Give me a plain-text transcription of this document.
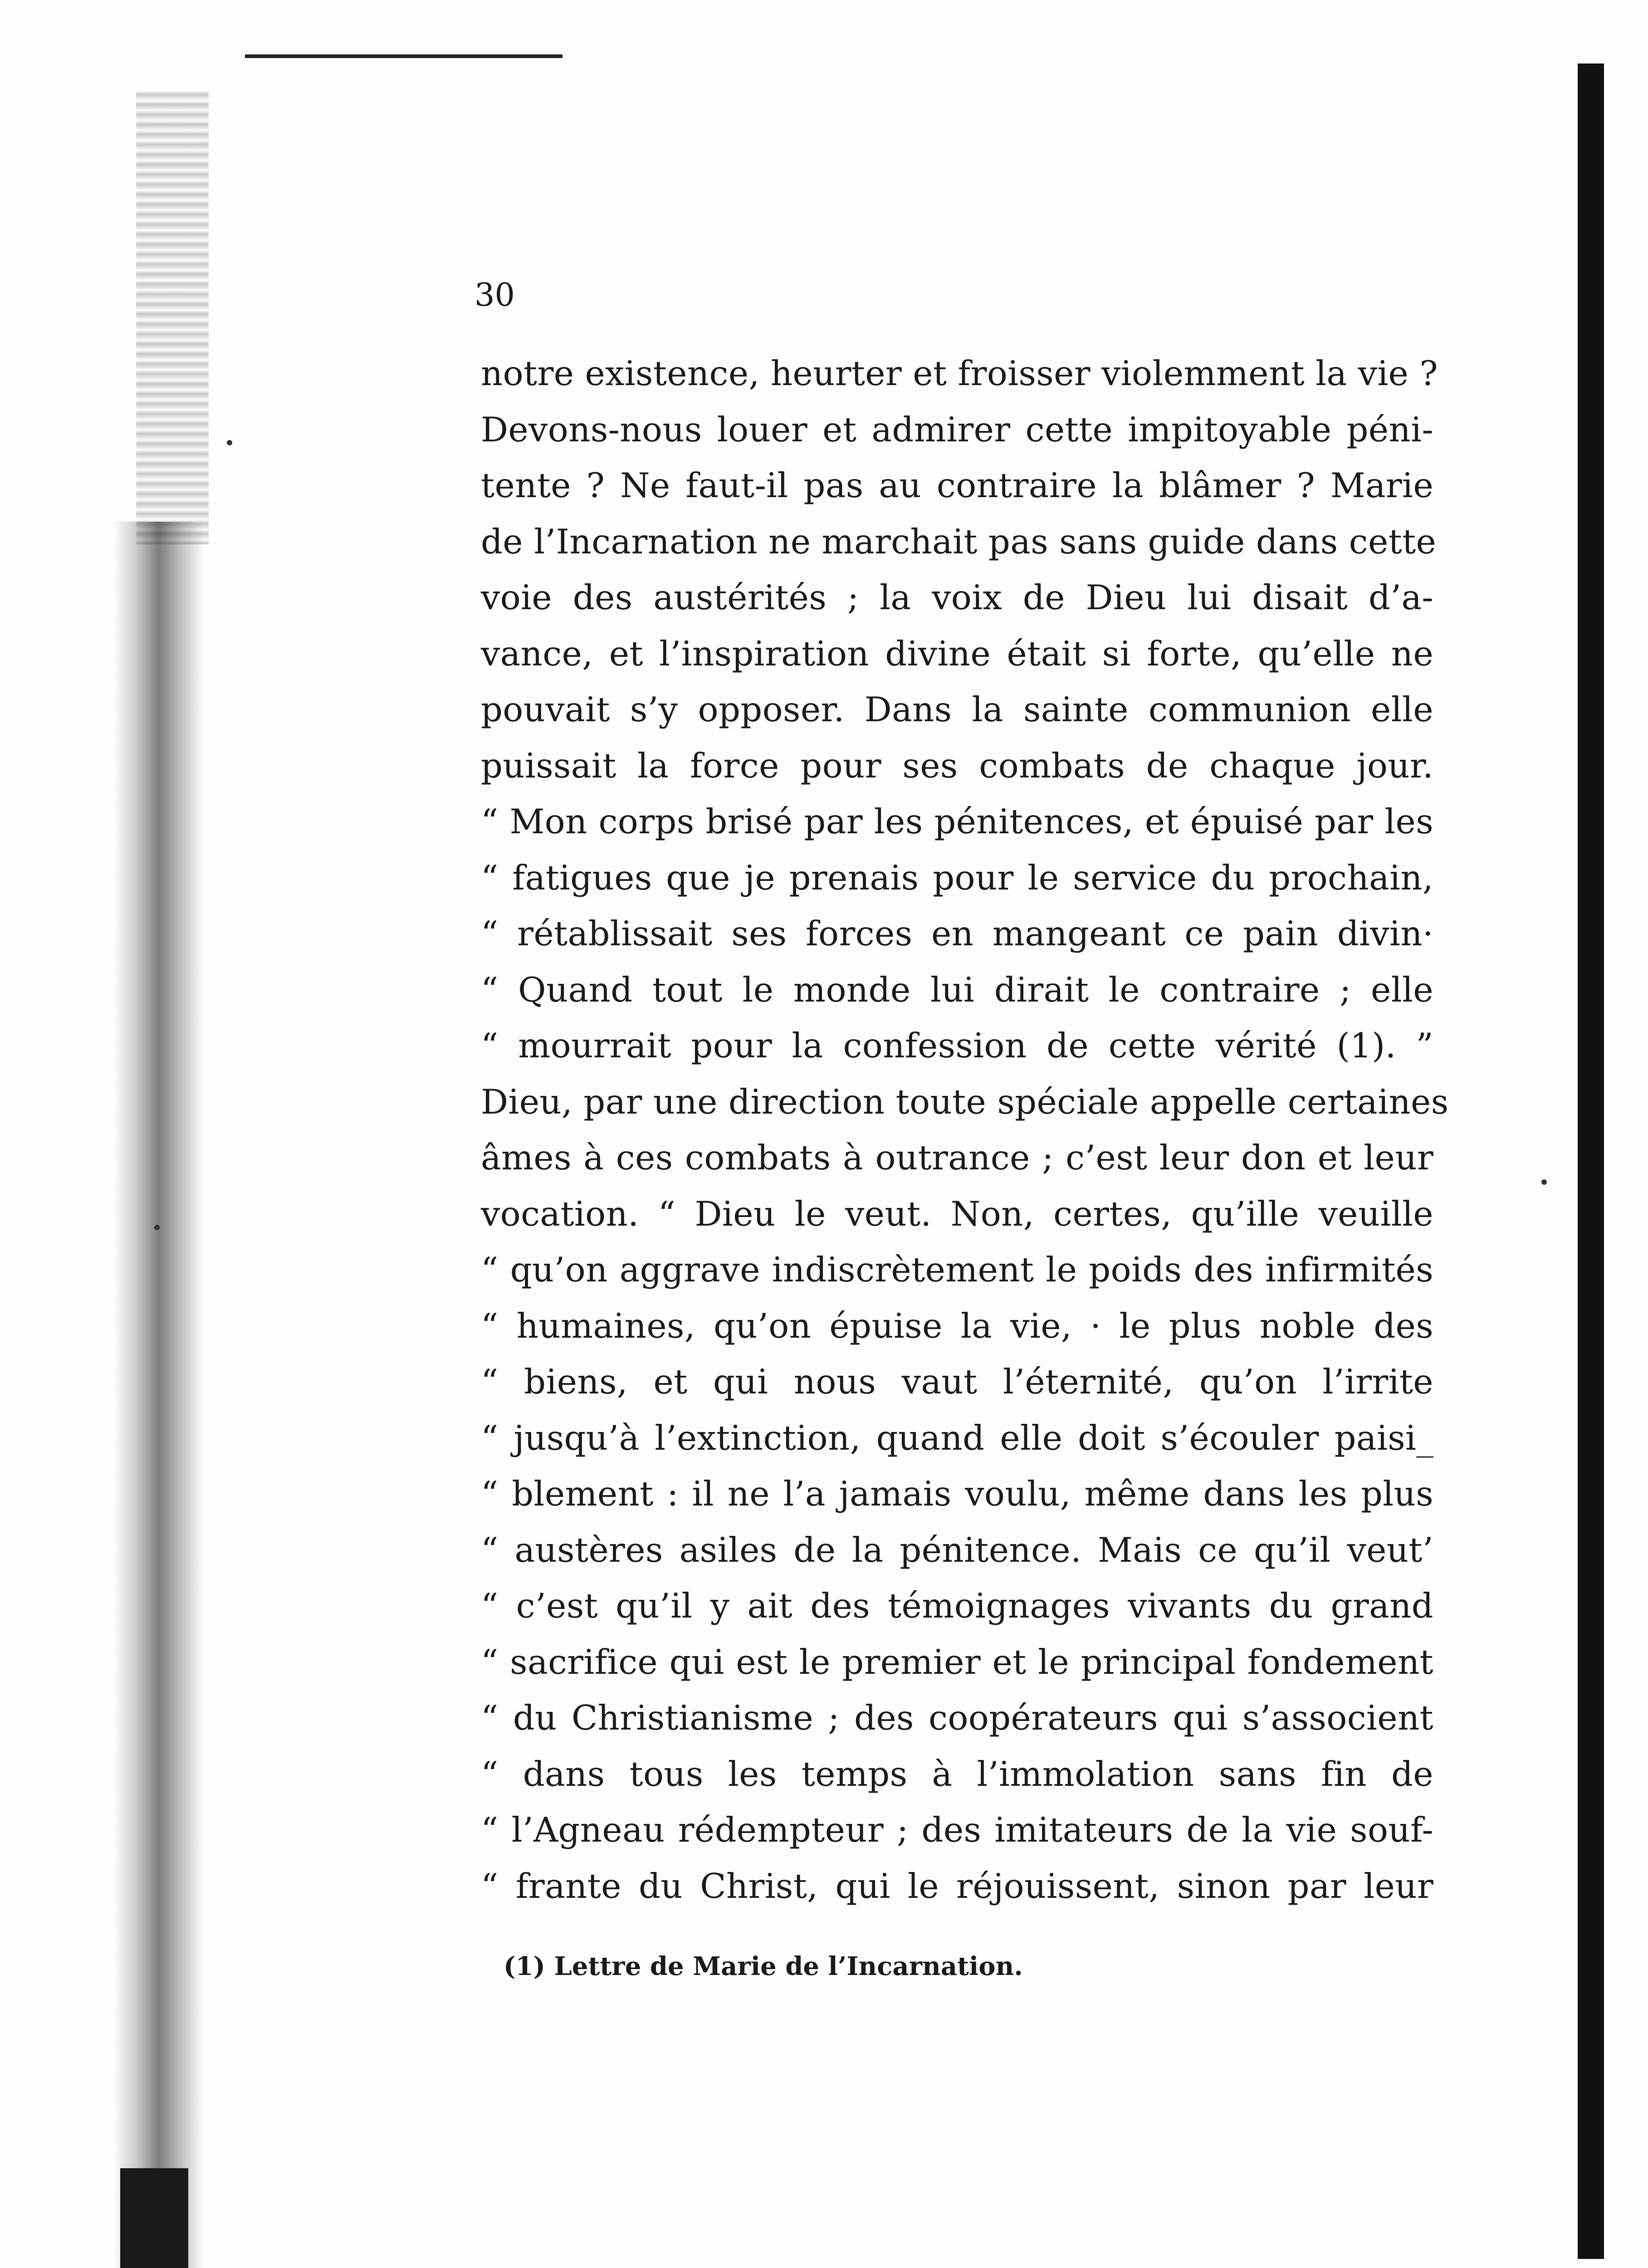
30
notre existence, heurter et froisser violemment la vie ?
Devons-nous louer et admirer cette impitoyable péni-
tente ? Ne faut-il pas au contraire la blâmer ? Marie
de l’Incarnation ne marchait pas sans guide dans cette
voie des austérités ; la voix de Dieu lui disait d’a-
vance, et l’inspiration divine était si forte, qu’elle ne
pouvait s’y opposer. Dans la sainte communion elle
puissait la force pour ses combats de chaque jour.
“ Mon corps brisé par les pénitences, et épuisé par les
“ fatigues que je prenais pour le service du prochain,
“ rétablissait ses forces en mangeant ce pain divin·
“ Quand tout le monde lui dirait le contraire ; elle
“ mourrait pour la confession de cette vérité (1). ”
Dieu, par une direction toute spéciale appelle certaines
âmes à ces combats à outrance ; c’est leur don et leur
vocation. “ Dieu le veut. Non, certes, qu’ille veuille
“ qu’on aggrave indiscrètement le poids des infirmités
“ humaines, qu’on épuise la vie, · le plus noble des
“ biens, et qui nous vaut l’éternité, qu’on l’irrite
“ jusqu’à l’extinction, quand elle doit s’écouler paisi_
“ blement : il ne l’a jamais voulu, même dans les plus
“ austères asiles de la pénitence. Mais ce qu’il veut’
“ c’est qu’il y ait des témoignages vivants du grand
“ sacrifice qui est le premier et le principal fondement
“ du Christianisme ; des coopérateurs qui s’associent
“ dans tous les temps à l’immolation sans fin de
“ l’Agneau rédempteur ; des imitateurs de la vie souf-
“ frante du Christ, qui le réjouissent, sinon par leur
(1) Lettre de Marie de l’Incarnation.
